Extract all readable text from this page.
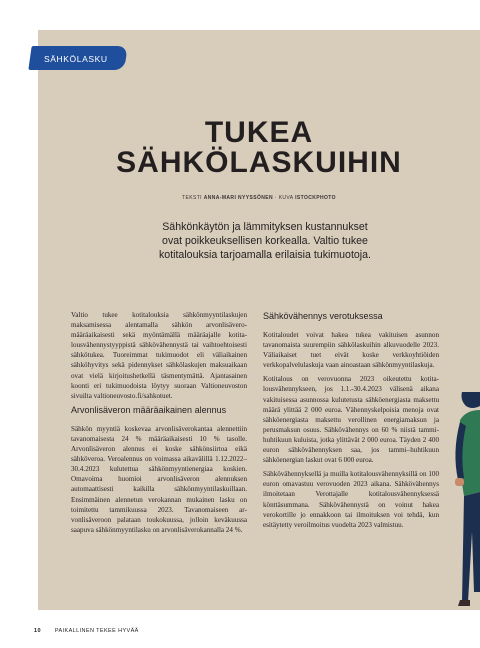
SÄHKÖLASKU
TUKEA
SÄHKÖLASKUIHIN
TEKSTI ANNA-MARI NYYSSÖNEN · KUVA ISTOCKPHOTO
Sähkönkäytön ja lämmityksen kustannukset
ovat poikkeuksellisen korkealla. Valtio tukee
kotitalouksia tarjoamalla erilaisia tukimuotoja.

Valtio tukee kotitalouksia sähkönmyyntilaskujen maksamisessa alentamalla sähkön arvonlisäveromääräaikaisesti sekä myöntämällä määräajalle kotitalousvähennystyyppistä sähkövähennystä tai vaihtoehtoisesti sähkötukea. Tuoreimmat tukimuodot eli väliaikainen sähköhyvitys sekä pidennykset sähkölaskujen maksuaikaan ovat vielä kirjoitushetkellä täsmentymättä. Ajantasainen koonti eri tukimuodoista löytyy suoraan Valtioneuvoston sivuilta valtioneuvosto.fi/sahkotuet.

Arvonlisäveron määräaikainen alennus

Sähkön myyntiä koskevaa arvonlisäverokantaa alennettiin tavanomaisesta 24 % määräaikaisesti 10 % tasolle. Arvonlisäveron alennus ei koske sähkönsiirtoa eikä sähköveroa. Veroalennus on voimassa aikavälillä 1.12.2022–30.4.2023 kulutettua sähkönmyyntienergiaa koskien. Omavoima huomioi arvonlisäveron alennuksen automaattisesti kaikilla sähkönmyyntilaskuillaan. Ensimmäinen alennetun verokannan mukainen lasku on toimitettu tammikuussa 2023. Tavanomaiseen arvonlisäveroon palataan toukokuussa, jolloin keväkuussa saapuva sähkönmyyntilasku on arvonlisäverokannalla 24 %.

Sähkövähennys verotuksessa

Kotitaloudet voivat hakea tukea vakituisen asunnon tavanomaista suurempiin sähkölaskuihin alkuvuodelle 2023. Väliaikaiset tuet eivät koske verkkoyhtiöiden verkkopalvelulaskuja vaan ainoastaan sähkönmyyntilaskuja.

Kotitalous on verovuonna 2023 oikeutettu kotitalousvähennykseen, jos 1.1.-30.4.2023 välisenä aikana vakituisessa asunnossa kulutetusta sähköenergiasta maksettu määrä ylittää 2 000 euroa. Vähennyskelpoisia menoja ovat sähköenergiasta maksettu verollinen energiamaksun ja perusmaksun osuus. Sähkövähennys on 60 % niistä tammi-huhtikuun kuluista, jotka ylittävät 2 000 euroa. Täyden 2 400 euron sähkövähennyksen saa, jos tammi–huhtikuun sähköenergian laskut ovat 6 000 euroa.

Sähkövähennyksellä ja muilla kotitalousvähennyksillä on 100 euron omavastuu verovuoden 2023 aikana. Sähkövähennys ilmoitetaan Verottajalle kotitalousvähennyksessä könttäsummana. Sähkövähennystä on voinut hakea verokortille jo ennakkoon tai ilmoituksen voi tehdä, kun esitäytetty veroilmoitus vuodelta 2023 valmistuu.

10	PAIKALLINEN TEKEE HYVÄÄ
